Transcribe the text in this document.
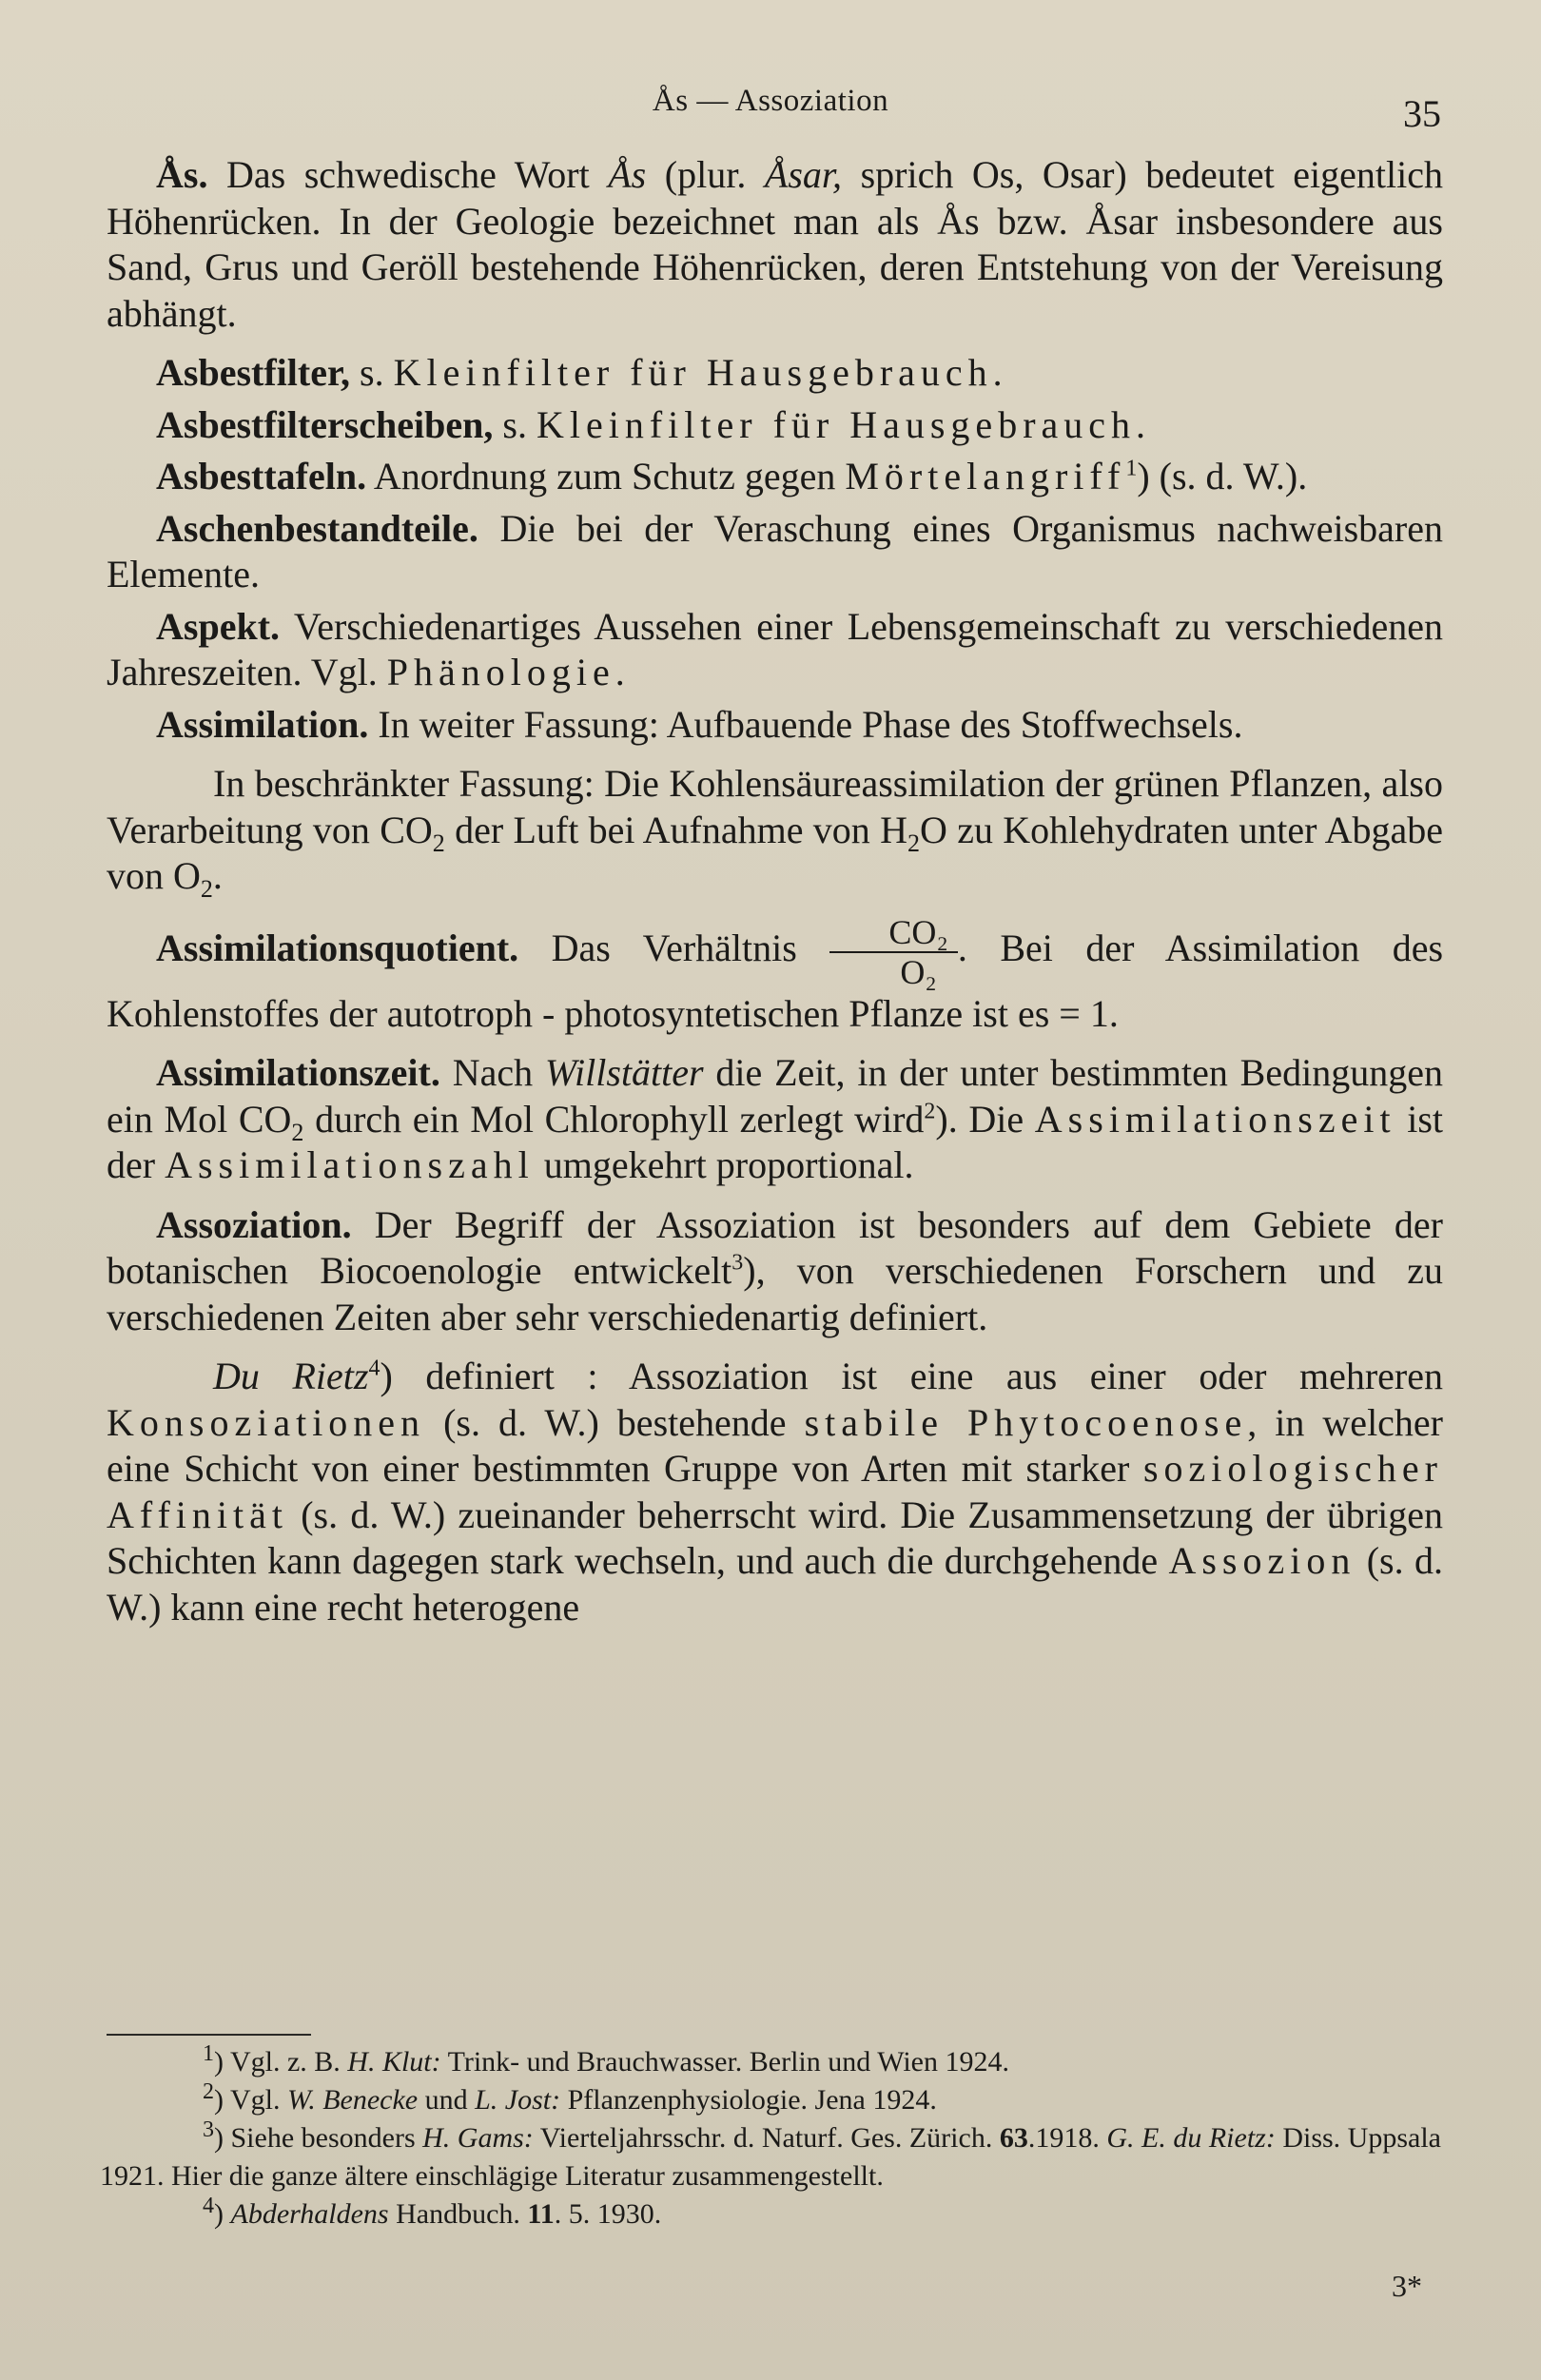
Ås — Assoziation	35

Ås. Das schwedische Wort Ås (plur. Åsar, sprich Os, Osar) bedeutet eigentlich Höhenrücken. In der Geologie bezeichnet man als Ås bzw. Åsar insbesondere aus Sand, Grus und Geröll bestehende Höhenrücken, deren Entstehung von der Vereisung abhängt.

Asbestfilter, s. Kleinfilter für Hausgebrauch.

Asbestfilterscheiben, s. Kleinfilter für Hausgebrauch.

Asbesttafeln. Anordnung zum Schutz gegen Mörtelangriff$^1$) (s. d. W.).

Aschenbestandteile. Die bei der Veraschung eines Organismus nachweisbaren Elemente.

Aspekt. Verschiedenartiges Aussehen einer Lebensgemeinschaft zu verschiedenen Jahreszeiten. Vgl. Phänologie.

Assimilation. In weiter Fassung: Aufbauende Phase des Stoffwechsels.

In beschränkter Fassung: Die Kohlensäureassimilation der grünen Pflanzen, also Verarbeitung von $CO_2$ der Luft bei Aufnahme von $H_2O$ zu Kohlehydraten unter Abgabe von $O_2$.

Assimilationsquotient. Das Verhältnis $\frac{\text{CO₂}}{\text{O₂}}$ . Bei der Assimilation des Kohlenstoffes der autotroph - photosyntetischen Pflanze ist es = 1.

Assimilationszeit. Nach Willstätter die Zeit, in der unter bestimmten Bedingungen ein Mol $CO_2$ durch ein Mol Chlorophyll zerlegt wird$^2$). Die Assimilationszeit ist der Assimilationszahl umgekehrt proportional.

Assoziation. Der Begriff der Assoziation ist besonders auf dem Gebiete der botanischen Biocoenologie entwickelt$^3$), von verschiedenen Forschern und zu verschiedenen Zeiten aber sehr verschiedenartig definiert.

Du Rietz$^4$) definiert : Assoziation ist eine aus einer oder mehreren Konsoziationen (s. d. W.) bestehende stabile Phytocoenose, in welcher eine Schicht von einer bestimmten Gruppe von Arten mit starker soziologischer Affinität (s. d. W.) zueinander beherrscht wird. Die Zusammensetzung der übrigen Schichten kann dagegen stark wechseln, und auch die durchgehende Assozion (s. d. W.) kann eine recht heterogene

$^1$) Vgl. z. B. H. Klut: Trink- und Brauchwasser. Berlin und Wien 1924.

$^2$) Vgl. W. Benecke und L. Jost: Pflanzenphysiologie. Jena 1924.

$^3$) Siehe besonders H. Gams: Vierteljahrsschr. d. Naturf. Ges. Zürich. 63.1918. G. E. du Rietz: Diss. Uppsala 1921. Hier die ganze ältere einschlägige Literatur zusammengestellt.

$^4$) Abderhaldens Handbuch. 11. 5. 1930.

3*
